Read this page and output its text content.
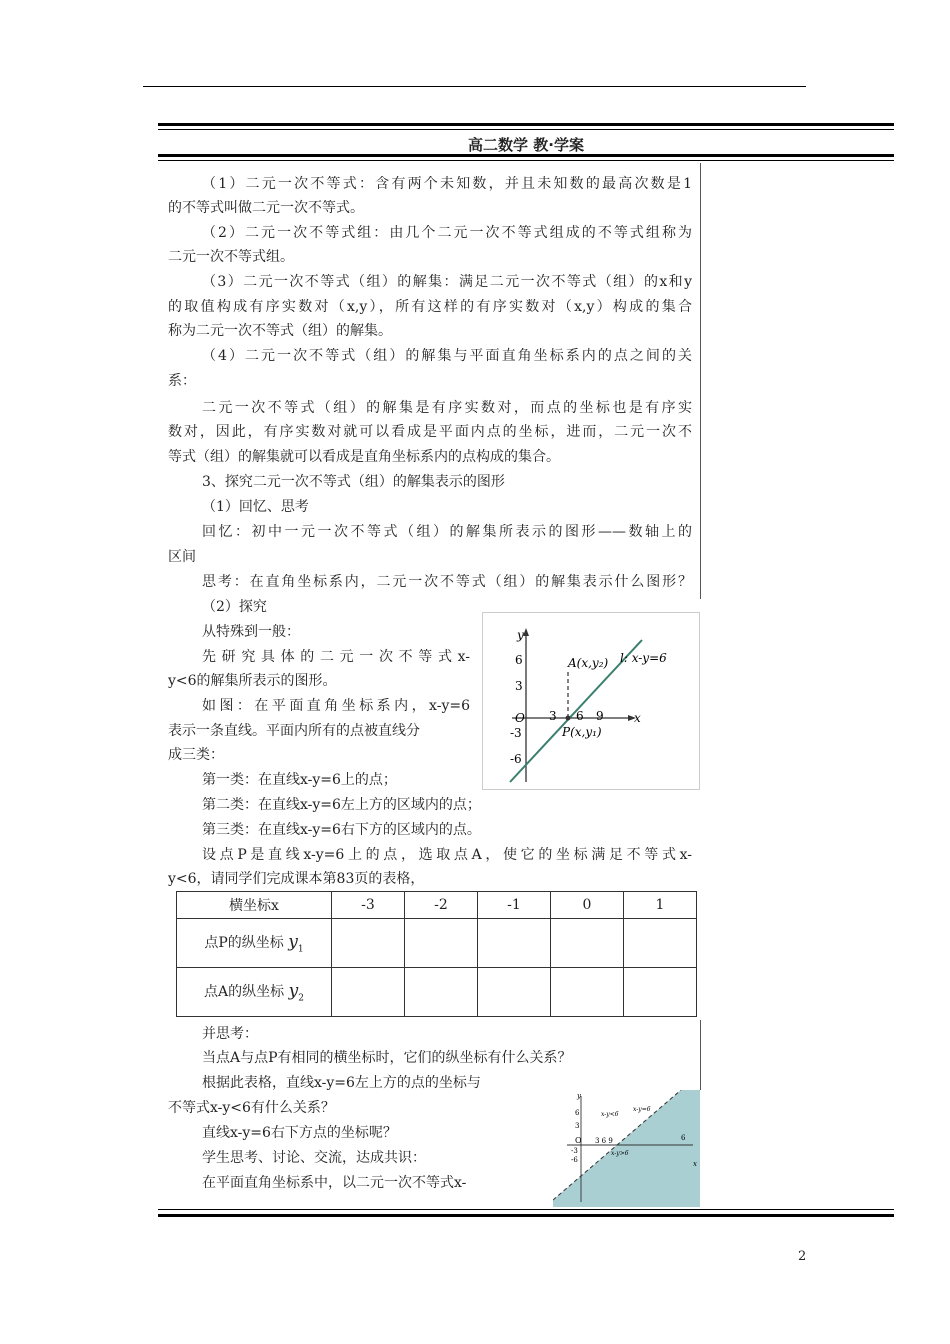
高二数学 教·学案
（1）二元一次不等式：含有两个未知数，并且未知数的最高次数是1
的不等式叫做二元一次不等式。
（2）二元一次不等式组：由几个二元一次不等式组成的不等式组称为
二元一次不等式组。
（3）二元一次不等式（组）的解集：满足二元一次不等式（组）的x和y
的取值构成有序实数对（x,y），所有这样的有序实数对（x,y）构成的集合
称为二元一次不等式（组）的解集。
（4）二元一次不等式（组）的解集与平面直角坐标系内的点之间的关
系：
二元一次不等式（组）的解集是有序实数对，而点的坐标也是有序实
数对，因此，有序实数对就可以看成是平面内点的坐标，进而，二元一次不
等式（组）的解集就可以看成是直角坐标系内的点构成的集合。
3、探究二元一次不等式（组）的解集表示的图形
（1）回忆、思考
回忆：初中一元一次不等式（组）的解集所表示的图形——数轴上的
区间
思考：在直角坐标系内，二元一次不等式（组）的解集表示什么图形？
（2）探究
从特殊到一般：
先研究具体的二元一次不等式x-
y<6的解集所表示的图形。
如图：在平面直角坐标系内，x-y=6
表示一条直线。平面内所有的点被直线分
成三类：
第一类：在直线x-y=6上的点；
第二类：在直线x-y=6左上方的区域内的点；
第三类：在直线x-y=6右下方的区域内的点。
设点P是直线x-y=6上的点，选取点A，使它的坐标满足不等式x-
y<6，请同学们完成课本第83页的表格，
y
x
O
6
3
-3
-6
3 6 9
A(x,y₂)
P(x,y₁)
l: x-y=6
横坐标x	-3	-2	-1	0	1
点P的纵坐标 $y_1$					
点A的纵坐标 $y_2$					
并思考：
当点A与点P有相同的横坐标时，它们的纵坐标有什么关系？
根据此表格，直线x-y=6左上方的点的坐标与
不等式x-y<6有什么关系？
直线x-y=6右下方点的坐标呢？
学生思考、讨论、交流，达成共识：
在平面直角坐标系中，以二元一次不等式x-
y
x
O
6
3
-3
-6
3 6 9	6
x-y<6
x-y=6
x-y>6
2
